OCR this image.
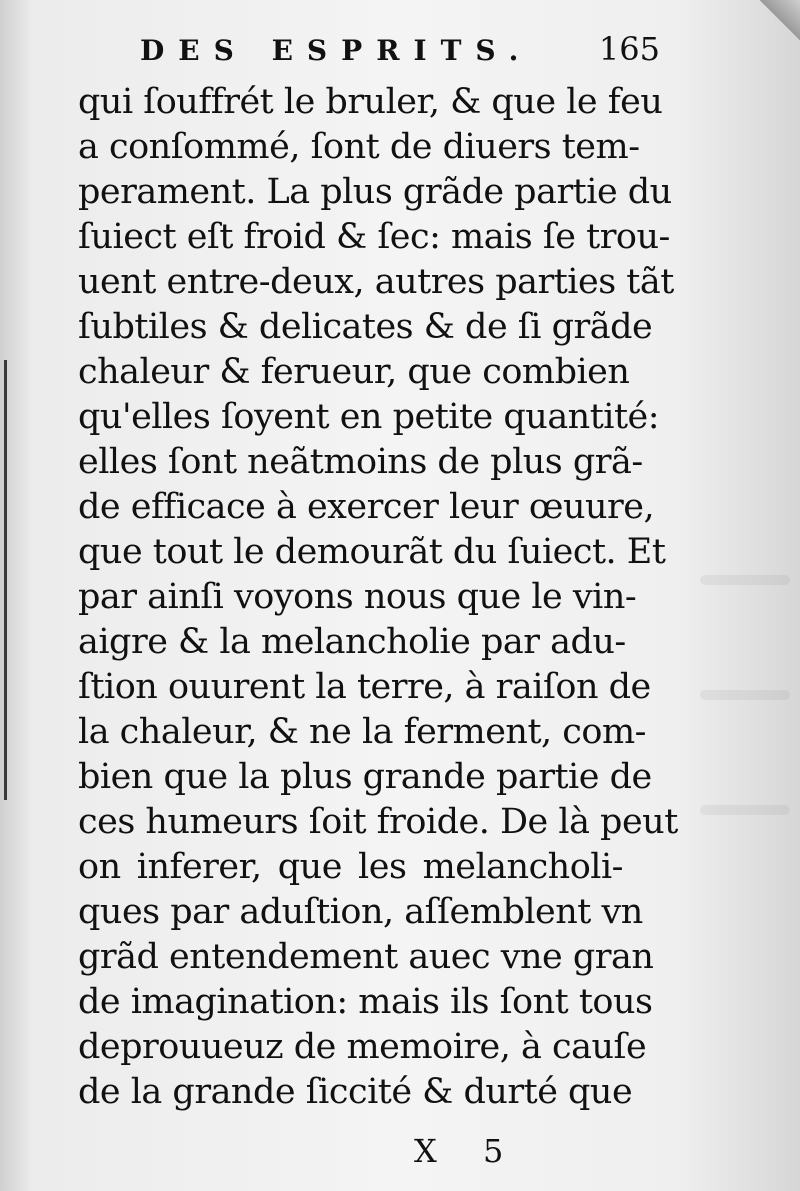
DES ESPRITS. 165
qui ſouffrét le bruler, & que le feu
a conſommé, ſont de diuers tem-
perament. La plus grãde partie du
ſuiect eſt froid & ſec: mais ſe trou-
uent entre-deux, autres parties tãt
ſubtiles & delicates & de ſi grãde
chaleur & ferueur, que combien
qu'elles ſoyent en petite quantité:
elles ſont neãtmoins de plus grã-
de efficace à exercer leur œuure,
que tout le demourãt du ſuiect. Et
par ainſi voyons nous que le vin-
aigre & la melancholie par adu-
ſtion ouurent la terre, à raiſon de
la chaleur, & ne la ferment, com-
bien que la plus grande partie de
ces humeurs ſoit froide. De là peut
on inferer, que les melancholi-
ques par aduſtion, aſſemblent vn
grãd entendement auec vne gran
de imagination: mais ils ſont tous
deprouueuz de memoire, à cauſe
de la grande ſiccité & durté que
X 5
